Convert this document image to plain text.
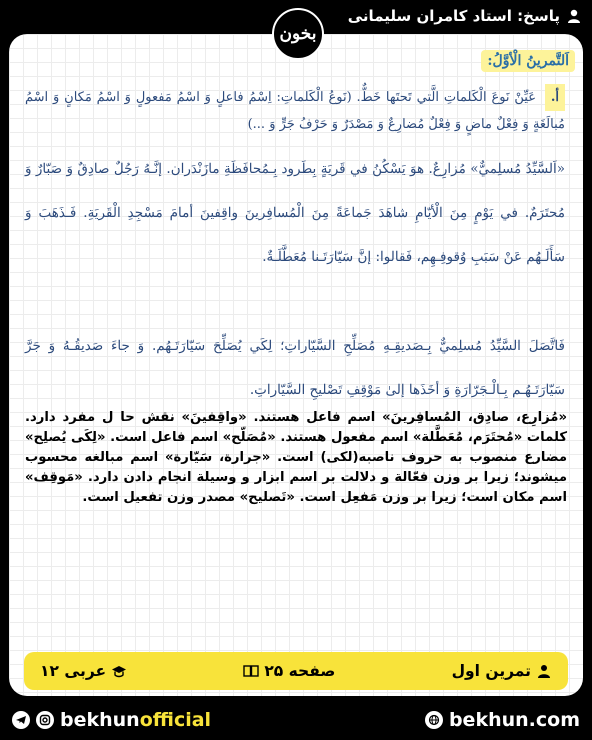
پاسخ: استاد کامران سلیمانی
بخون
اَلتَّمرينُ الْأوَّلُ:
أ. عَيِّنْ نَوعَ الْكَلماتِ الَّتي تَحتَها خَطٌّ. (نَوعُ الْكَلماتِ: اِسْمُ فاعلٍ وَ اسْمُ مَفعولٍ وَ اسْمُ مَكانٍ وَ اسْمُ مُبالَغَةٍ وَ فِعْلٌ ماضٍ وَ فِعْلٌ مُضارِعٌ وَ مَصْدَرٌ وَ حَرْفُ جَرٍّ وَ ...)
«اَلسَّيِّدُ مُسلِميٌّ» مُزارِعٌ. هوَ يَسْكُنُ في قَريَةٍ بِطَرود بِـمُحافَظَةِ مازَنْدَران. إنَّـهُ رَجُلٌ صادِقٌ وَ صَبّارٌ وَ مُحتَرَمٌ. في يَوْمٍ مِنَ الْأيّامِ شاهَدَ جَماعَةً مِنَ الْمُسافِرينَ واقِفينَ أمامَ مَسْجِدِ الْقَريَةِ. فَـذَهَبَ وَ سَأَلَـهُم عَنْ سَبَبِ وُقوفِـهِم، فَقالوا: إنَّ سَيّارَتَـنا مُعَطَّلَـةٌ.
فَاتَّصَلَ السَّيِّدُ مُسلِميٌّ بِـصَديقِـهِ مُصَلِّحِ السَّيّاراتِ؛ لِكَي يُصَلِّحَ سَيّارَتَـهُم. وَ جاءَ صَديقُـهُ وَ جَرَّ سَيّارَتَـهُـم بِـالْـجَرّارَةِ وَ أخَذَها إلىٰ مَوْقِفِ تَصْليحِ السَّيّاراتِ.
«مُزارِع، صادِق، المُسافِرينَ» اسم فاعل هستند. «واقِفينَ» نقش حا ل مفرد دارد. کلمات «مُحتَرَم، مُعَطَّلة» اسم مفعول هستند. «مُصَلّح» اسم فاعل است. «لِکَی یُصلِح» مضارع منصوب به حروف ناصبه(لکی) است. «جرارة، سَیّارة» اسم مبالغه محسوب میشوند؛ زیرا بر وزن فعّالة و دلالت بر اسم ابزار و وسیلة انجام دادن دارد. «مَوقِف» اسم مکان است؛ زیرا بر وزن مَفعِل است. «تَصلیح» مصدر وزن تفعیل است.
تمرین اول
صفحه ۲۵
عربی ۱۲
bekhunofficial	bekhun.com
